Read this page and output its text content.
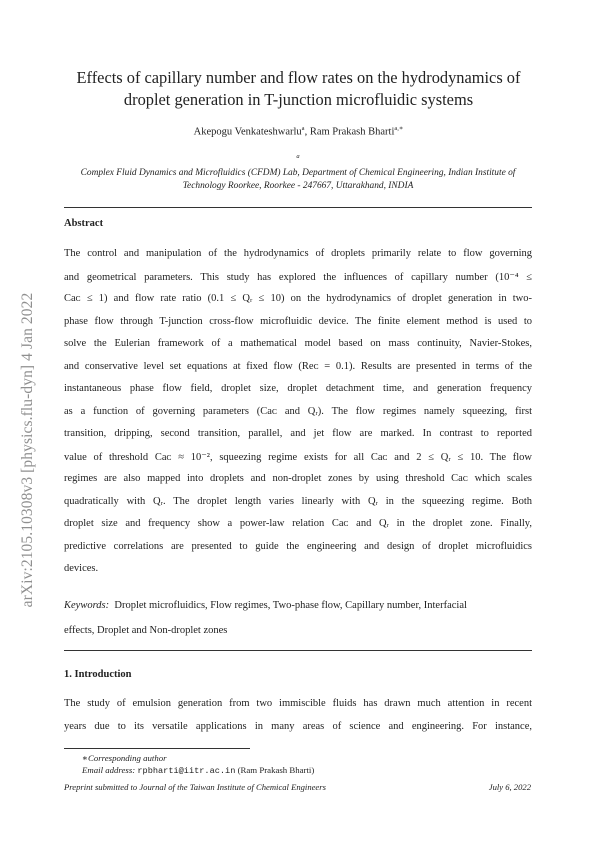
arXiv:2105.10308v3 [physics.flu-dyn] 4 Jan 2022
Effects of capillary number and flow rates on the hydrodynamics of
droplet generation in T-junction microfluidic systems
Akepogu Venkateshwarlu$^a$, Ram Prakash Bharti$^{a,∗}$
$^a$
Complex Fluid Dynamics and Microfluidics (CFDM) Lab, Department of Chemical Engineering, Indian Institute of
Technology Roorkee, Roorkee - 247667, Uttarakhand, INDIA
Abstract
The control and manipulation of the hydrodynamics of droplets primarily relate to flow governing
and geometrical parameters. This study has explored the influences of capillary number (10⁻⁴ ≤
Caᴄ ≤ 1) and flow rate ratio (0.1 ≤ Qᵣ ≤ 10) on the hydrodynamics of droplet generation in two-
phase flow through T-junction cross-flow microfluidic device. The finite element method is used to
solve the Eulerian framework of a mathematical model based on mass continuity, Navier-Stokes,
and conservative level set equations at fixed flow (Reᴄ = 0.1). Results are presented in terms of the
instantaneous phase flow field, droplet size, droplet detachment time, and generation frequency
as a function of governing parameters (Caᴄ and Qᵣ). The flow regimes namely squeezing, first
transition, dripping, second transition, parallel, and jet flow are marked. In contrast to reported
value of threshold Caᴄ ≈ 10⁻², squeezing regime exists for all Caᴄ and 2 ≤ Qᵣ ≤ 10. The flow
regimes are also mapped into droplets and non-droplet zones by using threshold Caᴄ which scales
quadratically with Qᵣ. The droplet length varies linearly with Qᵣ in the squeezing regime. Both
droplet size and frequency show a power-law relation Caᴄ and Qᵣ in the droplet zone. Finally,
predictive correlations are presented to guide the engineering and design of droplet microfluidics
devices.
Keywords: Droplet microfluidics, Flow regimes, Two-phase flow, Capillary number, Interfacial
effects, Droplet and Non-droplet zones
1. Introduction
The study of emulsion generation from two immiscible fluids has drawn much attention in recent
years due to its versatile applications in many areas of science and engineering. For instance,
∗Corresponding author
Email address: rpbharti@iitr.ac.in (Ram Prakash Bharti)
Preprint submitted to Journal of the Taiwan Institute of Chemical Engineers	July 6, 2022
